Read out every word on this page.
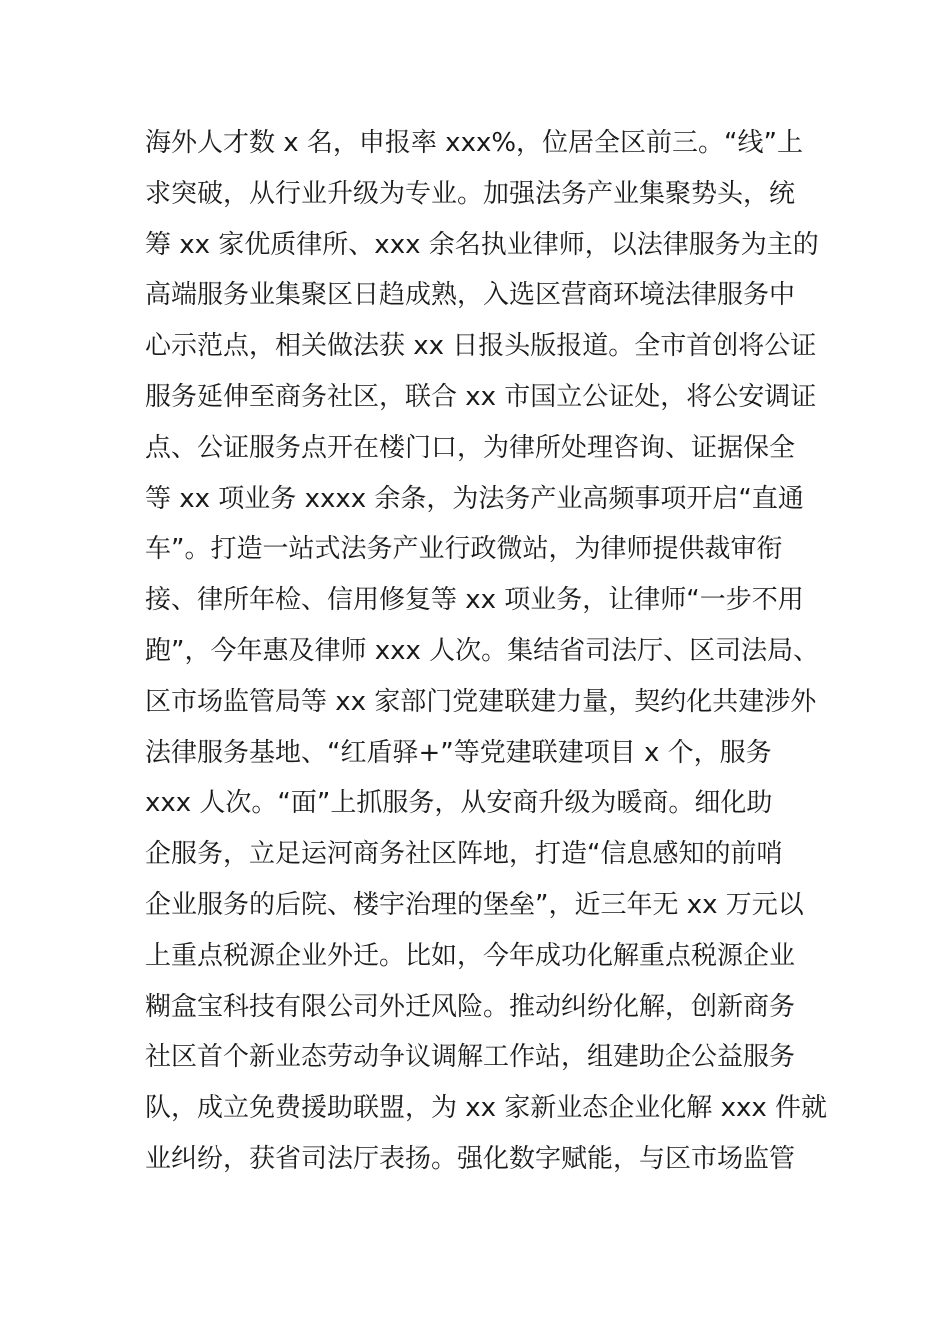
海外人才数 x 名，申报率 xxx%，位居全区前三。“线”上
求突破，从行业升级为专业。加强法务产业集聚势头，统
筹 xx 家优质律所、xxx 余名执业律师，以法律服务为主的
高端服务业集聚区日趋成熟，入选区营商环境法律服务中
心示范点，相关做法获 xx 日报头版报道。全市首创将公证
服务延伸至商务社区，联合 xx 市国立公证处，将公安调证
点、公证服务点开在楼门口，为律所处理咨询、证据保全
等 xx 项业务 xxxx 余条，为法务产业高频事项开启“直通
车”。打造一站式法务产业行政微站，为律师提供裁审衔
接、律所年检、信用修复等 xx 项业务，让律师“一步不用
跑”，今年惠及律师 xxx 人次。集结省司法厅、区司法局、
区市场监管局等 xx 家部门党建联建力量，契约化共建涉外
法律服务基地、“红盾驿+”等党建联建项目 x 个，服务
xxx 人次。“面”上抓服务，从安商升级为暖商。细化助
企服务，立足运河商务社区阵地，打造“信息感知的前哨
企业服务的后院、楼宇治理的堡垒”，近三年无 xx 万元以
上重点税源企业外迁。比如，今年成功化解重点税源企业
糊盒宝科技有限公司外迁风险。推动纠纷化解，创新商务
社区首个新业态劳动争议调解工作站，组建助企公益服务
队，成立免费援助联盟，为 xx 家新业态企业化解 xxx 件就
业纠纷，获省司法厅表扬。强化数字赋能，与区市场监管
